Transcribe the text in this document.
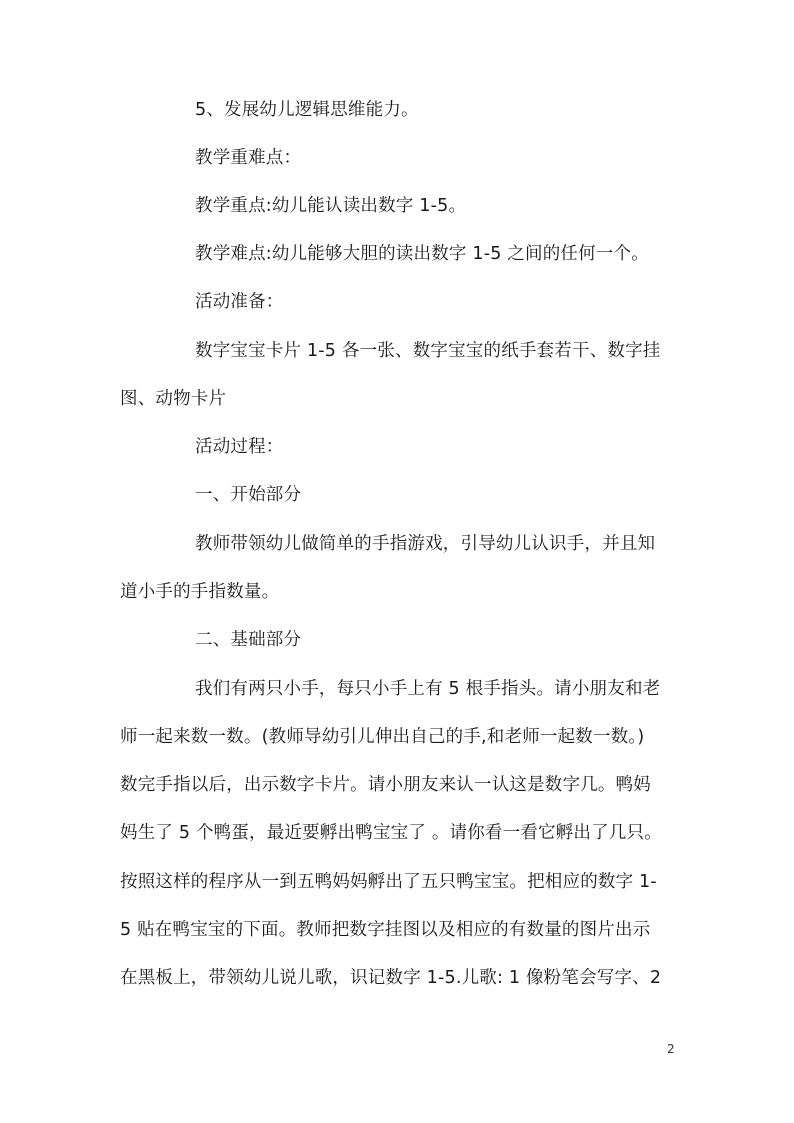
5、发展幼儿逻辑思维能力。
教学重难点：
教学重点:幼儿能认读出数字 1-5。
教学难点:幼儿能够大胆的读出数字 1-5 之间的任何一个。
活动准备：
数字宝宝卡片 1-5 各一张、数字宝宝的纸手套若干、数字挂
图、动物卡片
活动过程：
一、开始部分
教师带领幼儿做简单的手指游戏，引导幼儿认识手，并且知
道小手的手指数量。
二、基础部分
我们有两只小手，每只小手上有 5 根手指头。请小朋友和老
师一起来数一数。(教师导幼引儿伸出自己的手,和老师一起数一数。)
数完手指以后，出示数字卡片。请小朋友来认一认这是数字几。鸭妈
妈生了 5 个鸭蛋，最近要孵出鸭宝宝了 。请你看一看它孵出了几只。
按照这样的程序从一到五鸭妈妈孵出了五只鸭宝宝。把相应的数字 1-
5 贴在鸭宝宝的下面。教师把数字挂图以及相应的有数量的图片出示
在黑板上，带领幼儿说儿歌，识记数字 1-5.儿歌: 1 像粉笔会写字、2
2
